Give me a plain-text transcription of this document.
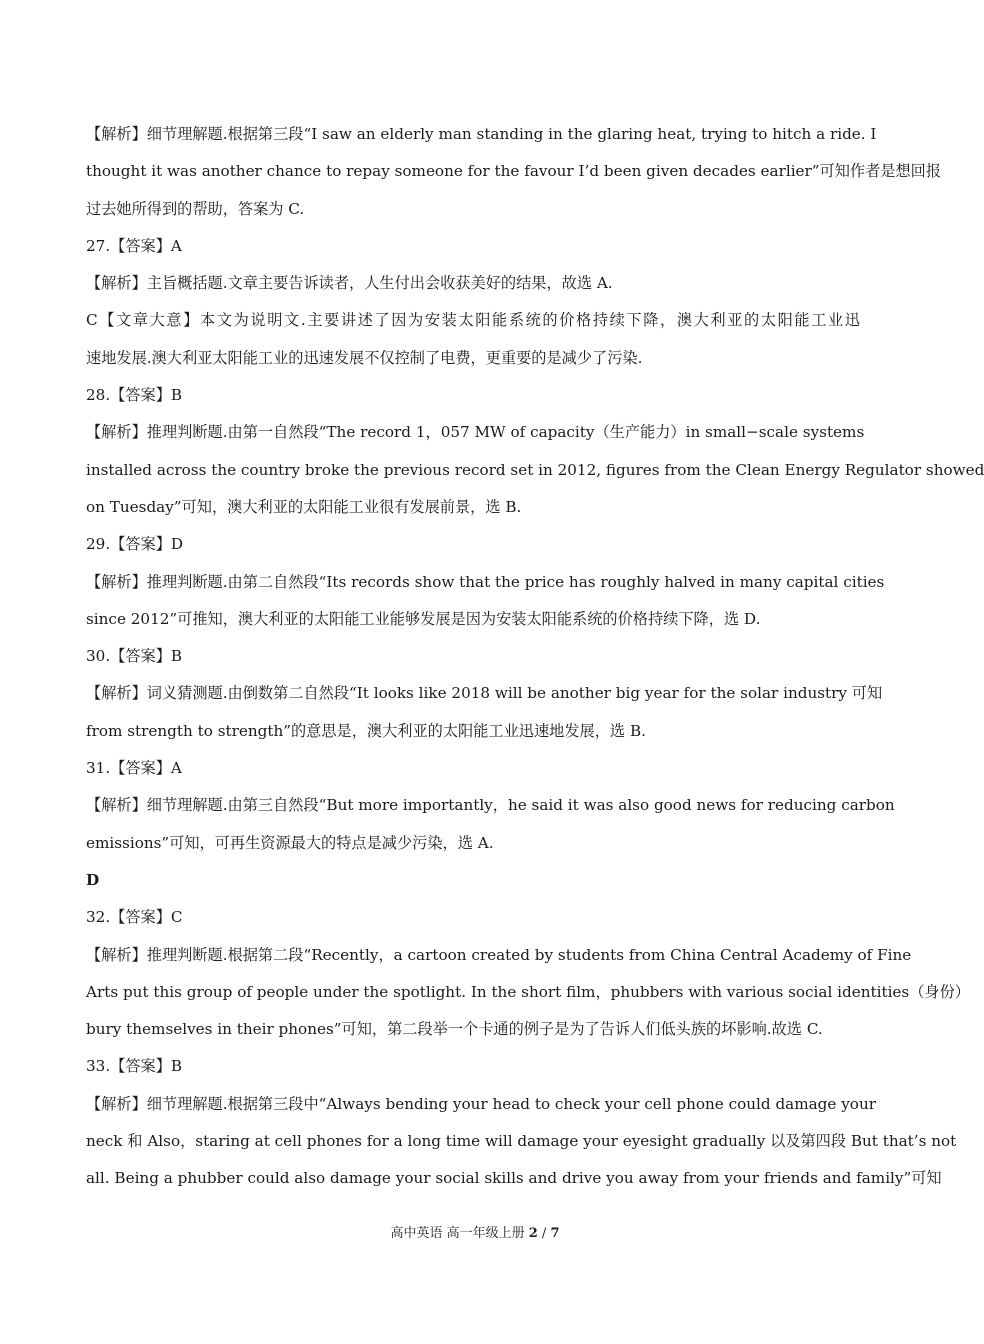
【解析】细节理解题.根据第三段“I saw an elderly man standing in the glaring heat, trying to hitch a ride. I
thought it was another chance to repay someone for the favour I’d been given decades earlier”可知作者是想回报
过去她所得到的帮助，答案为 C.
27.【答案】A
【解析】主旨概括题.文章主要告诉读者，人生付出会收获美好的结果，故选 A.
C【文章大意】本文为说明文.主要讲述了因为安装太阳能系统的价格持续下降，澳大利亚的太阳能工业迅
速地发展.澳大利亚太阳能工业的迅速发展不仅控制了电费，更重要的是减少了污染.
28.【答案】B
【解析】推理判断题.由第一自然段“The record 1，057 MW of capacity（生产能力）in small−scale systems
installed across the country broke the previous record set in 2012, figures from the Clean Energy Regulator showed
on Tuesday”可知，澳大利亚的太阳能工业很有发展前景，选 B.
29.【答案】D
【解析】推理判断题.由第二自然段“Its records show that the price has roughly halved in many capital cities
since 2012”可推知，澳大利亚的太阳能工业能够发展是因为安装太阳能系统的价格持续下降，选 D.
30.【答案】B
【解析】词义猜测题.由倒数第二自然段“It looks like 2018 will be another big year for the solar industry 可知
from strength to strength”的意思是，澳大利亚的太阳能工业迅速地发展，选 B.
31.【答案】A
【解析】细节理解题.由第三自然段“But more importantly，he said it was also good news for reducing carbon
emissions”可知，可再生资源最大的特点是减少污染，选 A.
D
32.【答案】C
【解析】推理判断题.根据第二段“Recently，a cartoon created by students from China Central Academy of Fine
Arts put this group of people under the spotlight. In the short film，phubbers with various social identities（身份）
bury themselves in their phones”可知，第二段举一个卡通的例子是为了告诉人们低头族的坏影响.故选 C.
33.【答案】B
【解析】细节理解题.根据第三段中“Always bending your head to check your cell phone could damage your
neck 和 Also，staring at cell phones for a long time will damage your eyesight gradually 以及第四段 But that’s not
all. Being a phubber could also damage your social skills and drive you away from your friends and family”可知
高中英语 高一年级上册 2 / 7
